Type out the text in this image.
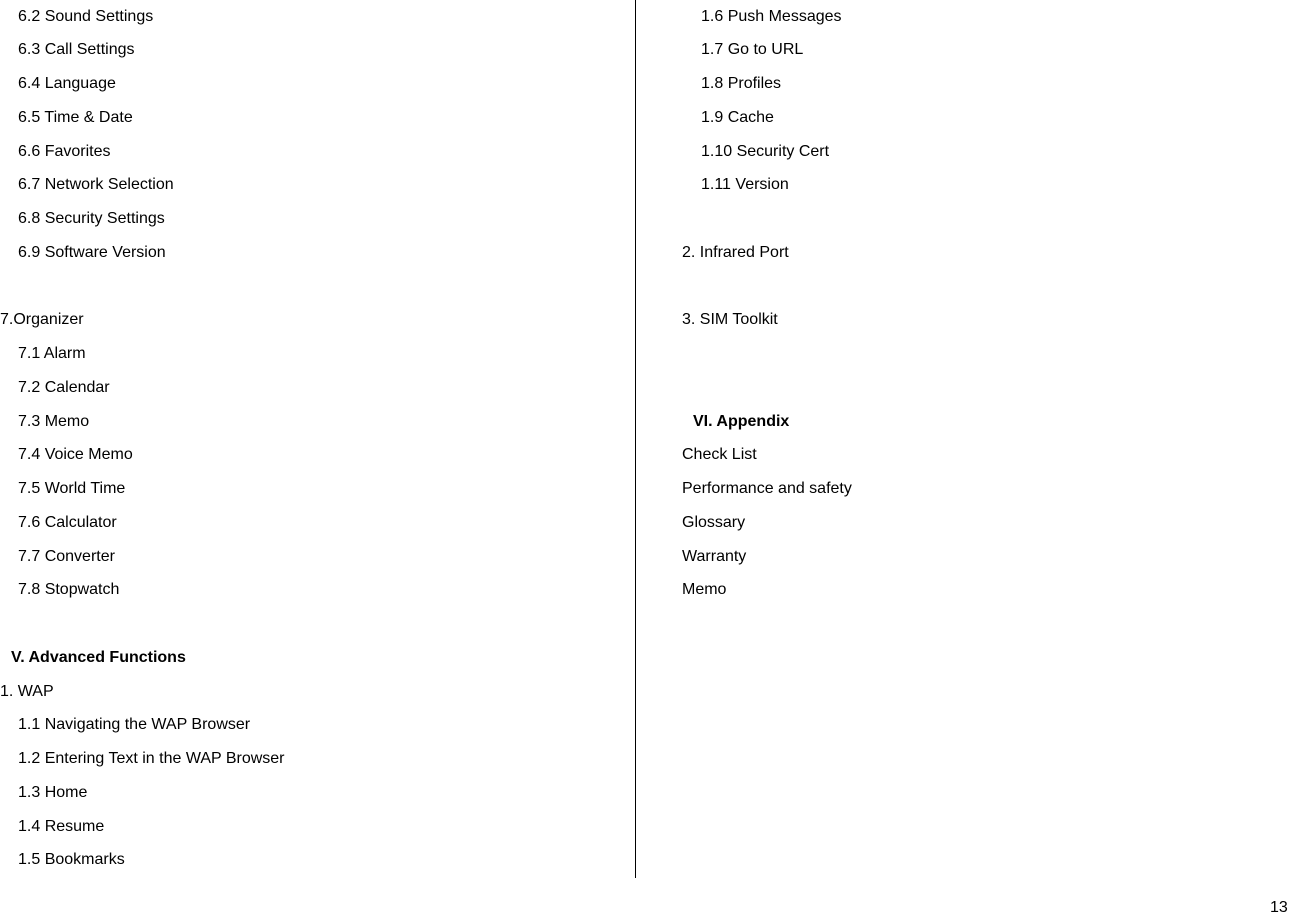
6.2 Sound Settings
6.3 Call Settings
6.4 Language
6.5 Time & Date
6.6 Favorites
6.7 Network Selection
6.8 Security Settings
6.9 Software Version
7.Organizer
7.1 Alarm
7.2 Calendar
7.3 Memo
7.4 Voice Memo
7.5 World Time
7.6 Calculator
7.7 Converter
7.8 Stopwatch
V. Advanced Functions
1. WAP
1.1 Navigating the WAP Browser
1.2 Entering Text in the WAP Browser
1.3 Home
1.4 Resume
1.5 Bookmarks
1.6 Push Messages
1.7 Go to URL
1.8 Profiles
1.9 Cache
1.10 Security Cert
1.11 Version
2. Infrared Port
3. SIM Toolkit
VI. Appendix
Check List
Performance and safety
Glossary
Warranty
Memo
13
